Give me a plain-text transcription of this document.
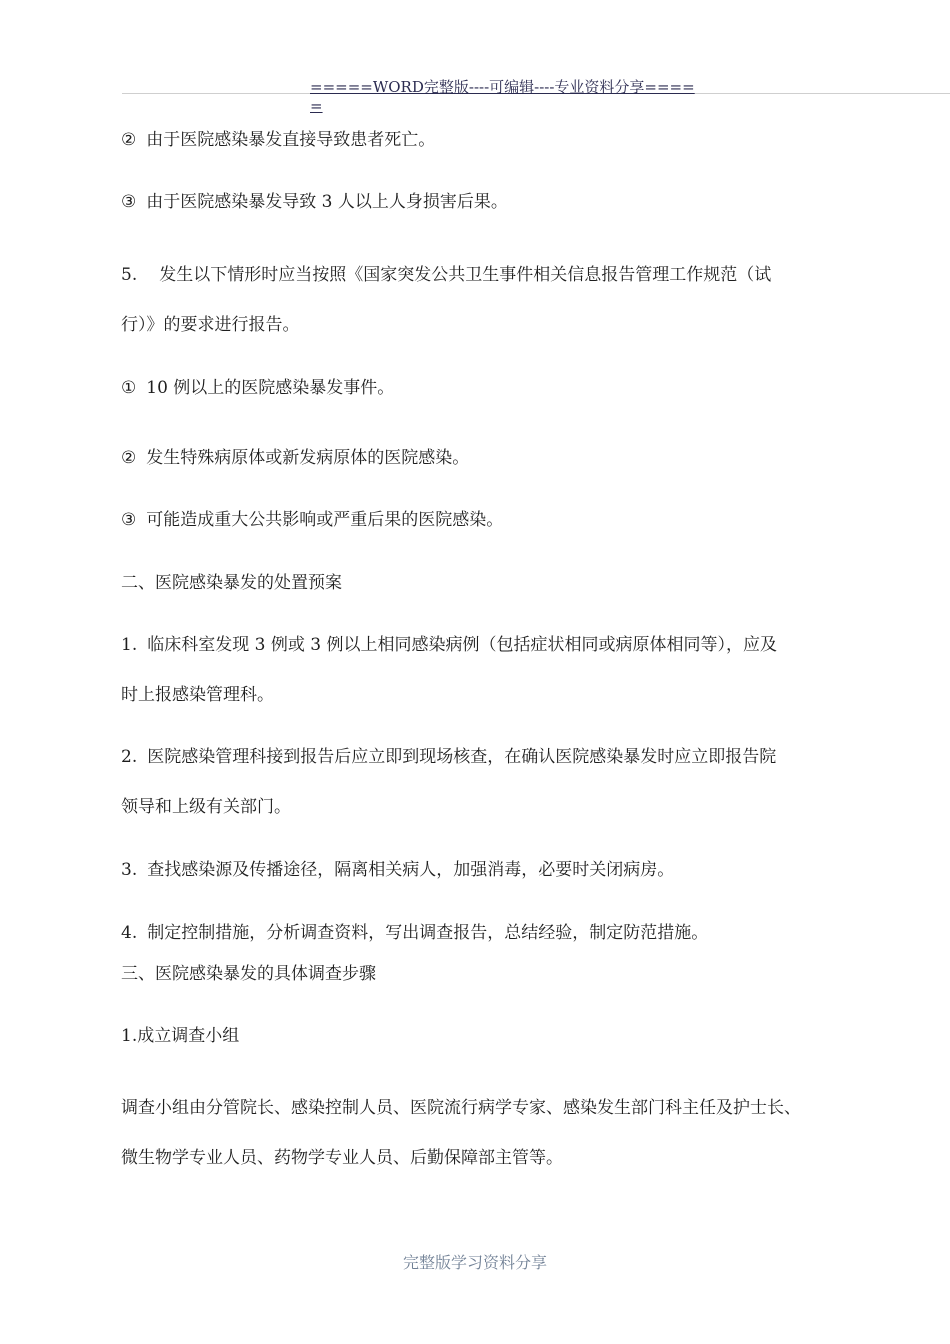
=====WORD完整版----可编辑----专业资料分享=====
② 由于医院感染暴发直接导致患者死亡。
③ 由于医院感染暴发导致 3 人以上人身损害后果。
5. 发生以下情形时应当按照《国家突发公共卫生事件相关信息报告管理工作规范（试
行）》的要求进行报告。
① 10 例以上的医院感染暴发事件。
② 发生特殊病原体或新发病原体的医院感染。
③ 可能造成重大公共影响或严重后果的医院感染。
二、医院感染暴发的处置预案
1. 临床科室发现 3 例或 3 例以上相同感染病例（包括症状相同或病原体相同等），应及
时上报感染管理科。
2. 医院感染管理科接到报告后应立即到现场核查，在确认医院感染暴发时应立即报告院
领导和上级有关部门。
3. 查找感染源及传播途径，隔离相关病人，加强消毒，必要时关闭病房。
4. 制定控制措施，分析调查资料，写出调查报告，总结经验，制定防范措施。
三、医院感染暴发的具体调查步骤
1.成立调查小组
调查小组由分管院长、感染控制人员、医院流行病学专家、感染发生部门科主任及护士长、
微生物学专业人员、药物学专业人员、后勤保障部主管等。
完整版学习资料分享
